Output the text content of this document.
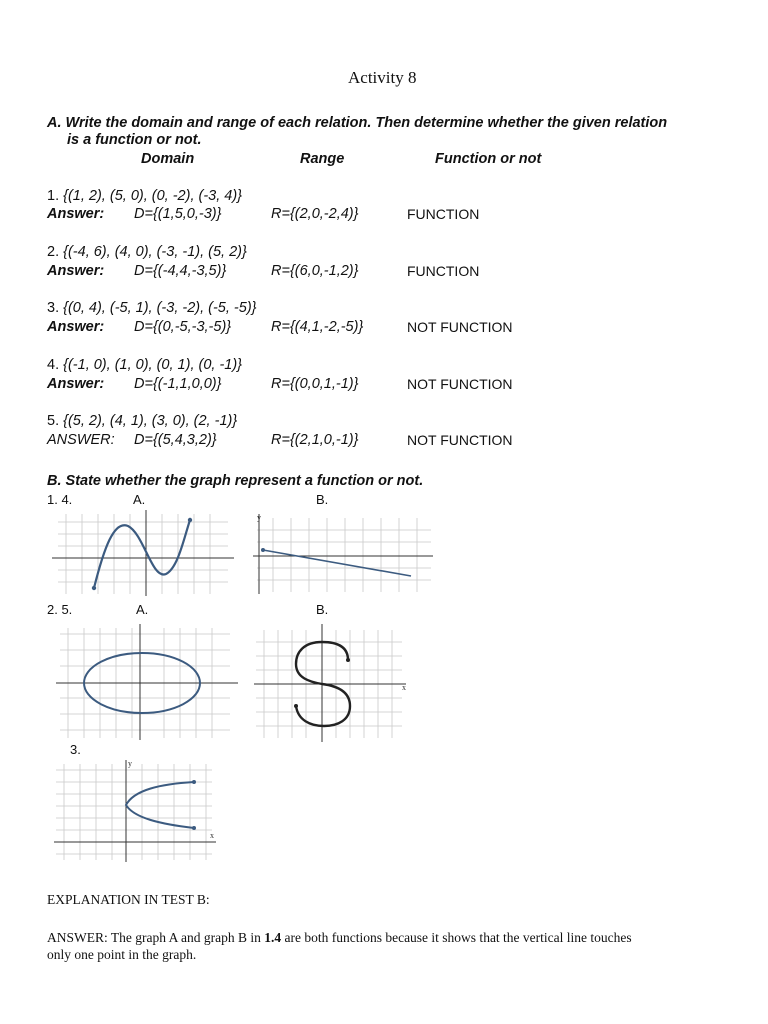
Activity 8
A. Write the domain and range of each relation. Then determine whether the given relation
is a function or not.
Domain	Range	Function or not
1. {(1, 2), (5, 0), (0, -2), (-3, 4)}
Answer: D={(1,5,0,-3)}	R={(2,0,-2,4)}	FUNCTION
2. {(-4, 6), (4, 0), (-3, -1), (5, 2)}
Answer: D={(-4,4,-3,5)}	R={(6,0,-1,2)}	FUNCTION
3. {(0, 4), (-5, 1), (-3, -2), (-5, -5)}
Answer: D={(0,-5,-3,-5)}	R={(4,1,-2,-5)}	NOT FUNCTION
4. {(-1, 0), (1, 0), (0, 1), (0, -1)}
Answer: D={(-1,1,0,0)}	R={(0,0,1,-1)}	NOT FUNCTION
5. {(5, 2), (4, 1), (3, 0), (2, -1)}
ANSWER: D={(5,4,3,2)}	R={(2,1,0,-1)}	NOT FUNCTION
B. State whether the graph represent a function or not.
1. 4.	A.	B.
y
2. 5.	A.	B.
x
3.
y
x
EXPLANATION IN TEST B:
ANSWER: The graph A and graph B in 1.4 are both functions because it shows that the vertical line touches
only one point in the graph.
